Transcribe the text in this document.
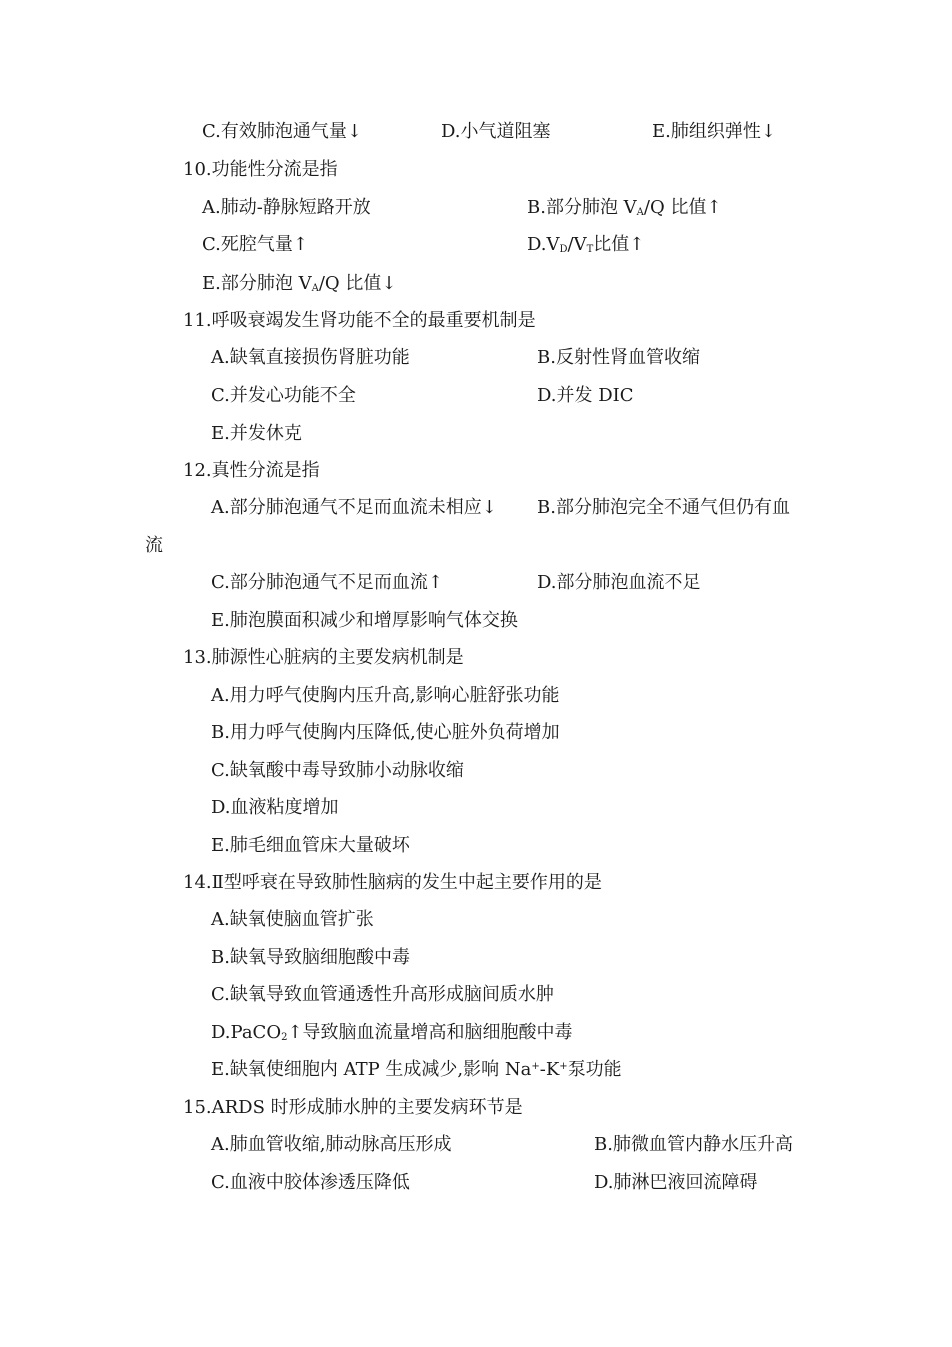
C.有效肺泡通气量↓	D.小气道阻塞	E.肺组织弹性↓
10.功能性分流是指
A.肺动-静脉短路开放	B.部分肺泡 $V_A/Q$ 比值↑
C.死腔气量↑	$D.V_D/V_T$比值↑
E.部分肺泡 $V_A/Q$ 比值↓
11.呼吸衰竭发生肾功能不全的最重要机制是
A.缺氧直接损伤肾脏功能	B.反射性肾血管收缩
C.并发心功能不全	D.并发 DIC
E.并发休克
12.真性分流是指
A.部分肺泡通气不足而血流未相应↓ B.部分肺泡完全不通气但仍有血
流
C.部分肺泡通气不足而血流↑	D.部分肺泡血流不足
E.肺泡膜面积减少和增厚影响气体交换
13.肺源性心脏病的主要发病机制是
A.用力呼气使胸内压升高,影响心脏舒张功能
B.用力呼气使胸内压降低,使心脏外负荷增加
C.缺氧酸中毒导致肺小动脉收缩
D.血液粘度增加
E.肺毛细血管床大量破坏
14.Ⅱ型呼衰在导致肺性脑病的发生中起主要作用的是
A.缺氧使脑血管扩张
B.缺氧导致脑细胞酸中毒
C.缺氧导致血管通透性升高形成脑间质水肿
D.PaCO$_2$↑导致脑血流量增高和脑细胞酸中毒
E.缺氧使细胞内 ATP 生成减少,影响 Na+-K+泵功能
15.ARDS 时形成肺水肿的主要发病环节是
A.肺血管收缩,肺动脉高压形成	B.肺微血管内静水压升高
C.血液中胶体渗透压降低	D.肺淋巴液回流障碍
